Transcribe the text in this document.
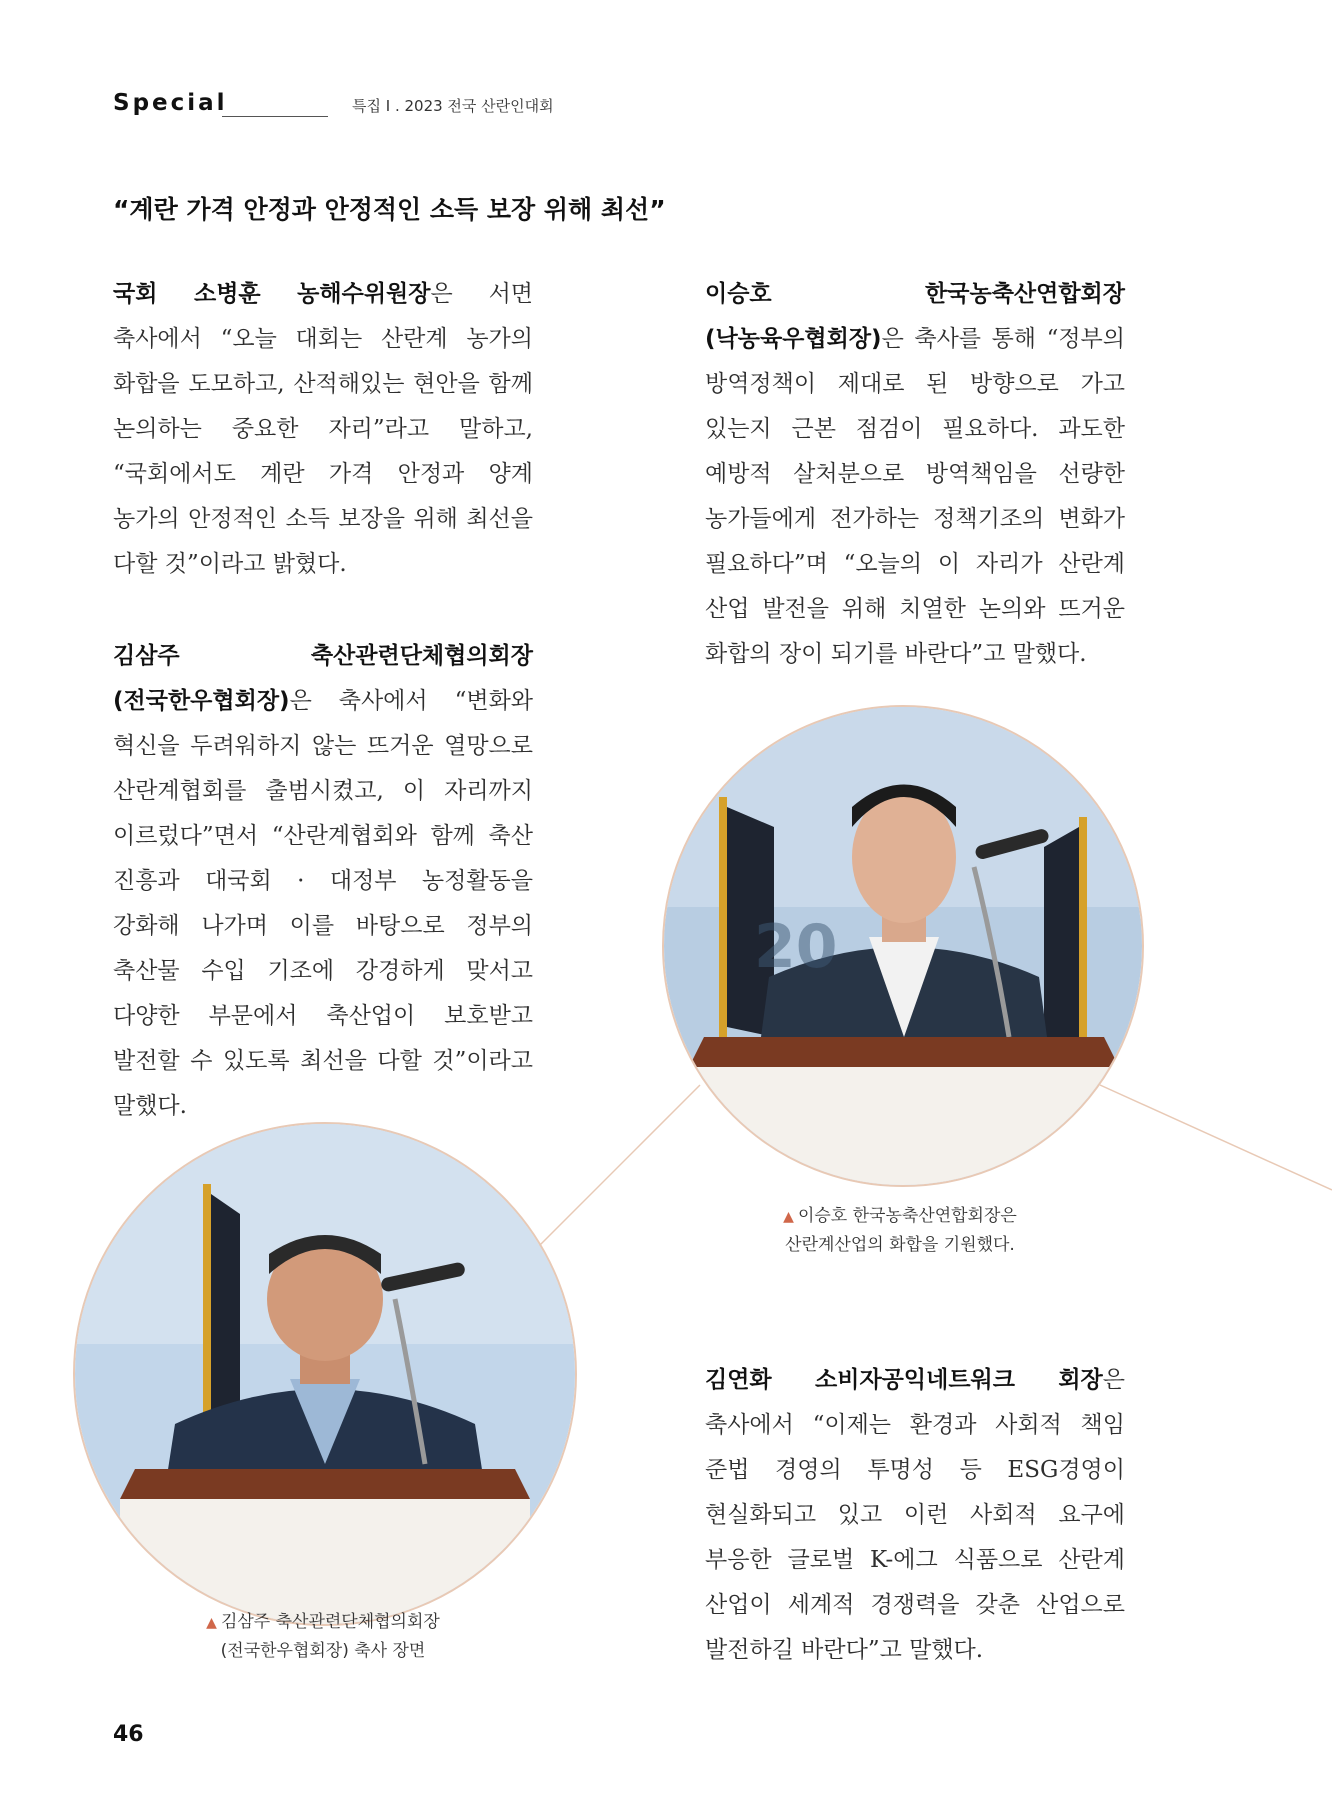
Special	특집 I . 2023 전국 산란인대회
“계란 가격 안정과 안정적인 소득 보장 위해 최선”

국회 소병훈 농해수위원장은 서면 축사에서 “오늘 대회는 산란계 농가의 화합을 도모하고, 산적해있는 현안을 함께 논의하는 중요한 자리”라고 말하고, “국회에서도 계란 가격 안정과 양계 농가의 안정적인 소득 보장을 위해 최선을 다할 것”이라고 밝혔다.

김삼주 축산관련단체협의회장(전국한우협회장)은 축사에서 “변화와 혁신을 두려워하지 않는 뜨거운 열망으로 산란계협회를 출범시켰고, 이 자리까지 이르렀다”면서 “산란계협회와 함께 축산 진흥과 대국회 · 대정부 농정활동을 강화해 나가며 이를 바탕으로 정부의 축산물 수입 기조에 강경하게 맞서고 다양한 부문에서 축산업이 보호받고 발전할 수 있도록 최선을 다할 것”이라고 말했다.

이승호 한국농축산연합회장(낙농육우협회장)은 축사를 통해 “정부의 방역정책이 제대로 된 방향으로 가고 있는지 근본 점검이 필요하다. 과도한 예방적 살처분으로 방역책임을 선량한 농가들에게 전가하는 정책기조의 변화가 필요하다”며 “오늘의 이 자리가 산란계 산업 발전을 위해 치열한 논의와 뜨거운 화합의 장이 되기를 바란다”고 말했다.

김연화 소비자공익네트워크 회장은 축사에서 “이제는 환경과 사회적 책임 준법 경영의 투명성 등 ESG경영이 현실화되고 있고 이런 사회적 요구에 부응한 글로벌 K-에그 식품으로 산란계 산업이 세계적 경쟁력을 갖춘 산업으로 발전하길 바란다”고 말했다.

20
▲ 이승호 한국농축산연합회장은
산란계산업의 화합을 기원했다.
▲ 김삼주 축산관련단체협의회장
(전국한우협회장) 축사 장면
46
